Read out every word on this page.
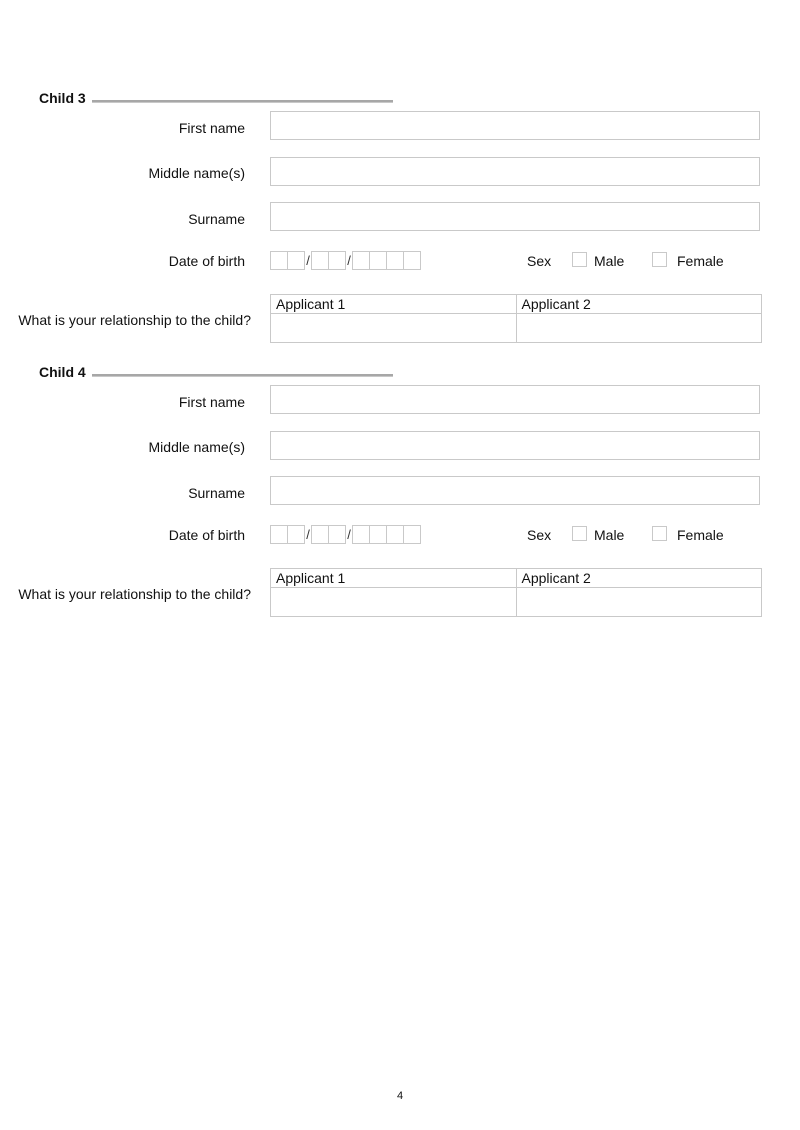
Child 3
First name
Middle name(s)
Surname
Date of birth	/	/	Sex	Male	Female
What is your relationship to the child?
Applicant 1	Applicant 2

Child 4
First name
Middle name(s)
Surname
Date of birth	/	/	Sex	Male	Female
What is your relationship to the child?
Applicant 1	Applicant 2

4
